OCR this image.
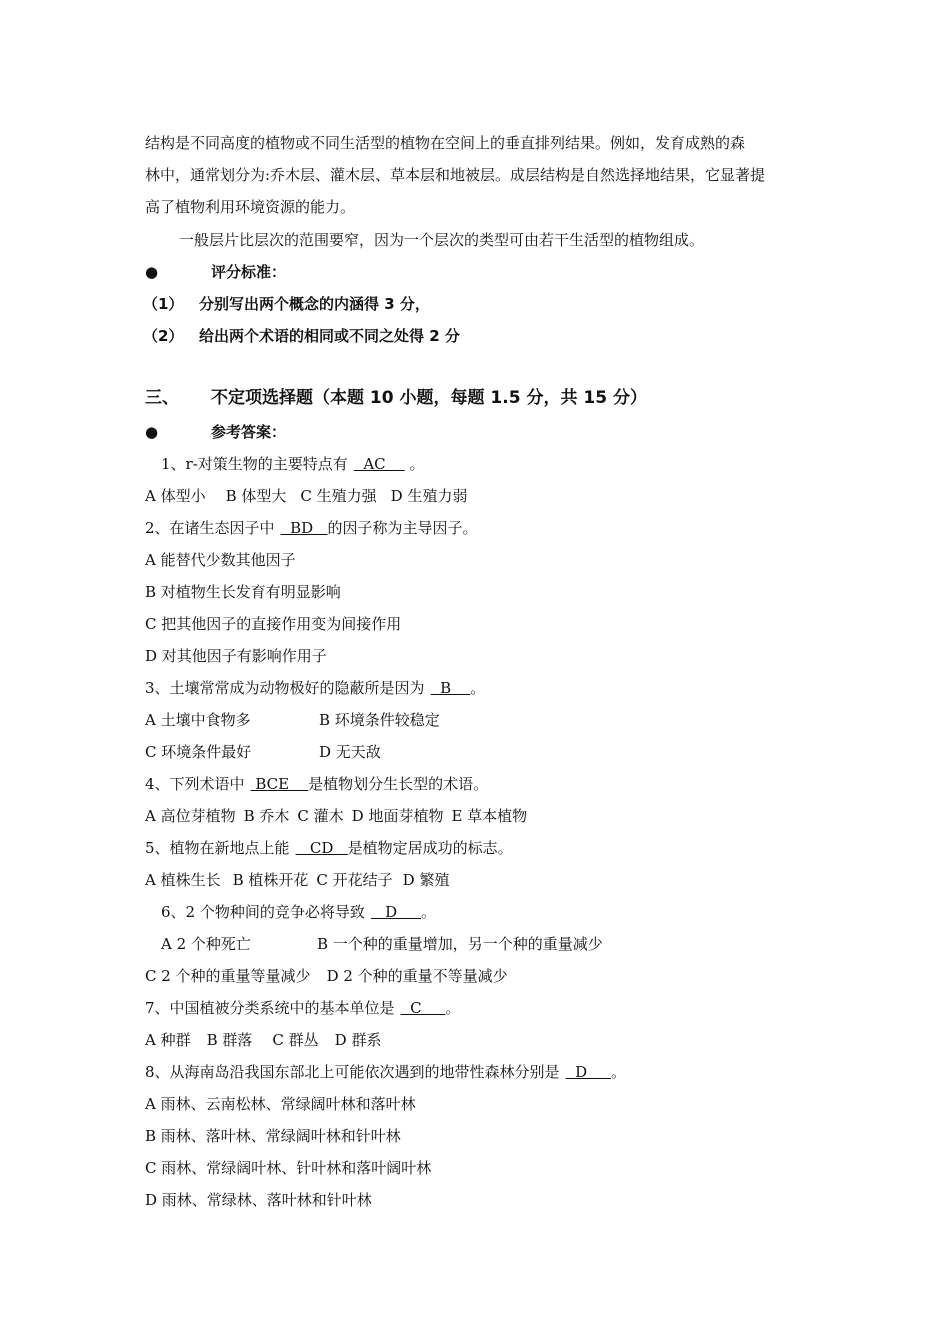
结构是不同高度的植物或不同生活型的植物在空间上的垂直排列结果。例如，发育成熟的森
林中，通常划分为:乔木层、灌木层、草本层和地被层。成层结构是自然选择地结果，它显著提
高了植物利用环境资源的能力。
一般层片比层次的范围要窄，因为一个层次的类型可由若干生活型的植物组成。
●	评分标准：
（1） 分别写出两个概念的内涵得 3 分，
（2） 给出两个术语的相同或不同之处得 2 分
三、 不定项选择题（本题 10 小题，每题 1.5 分，共 15 分）
●	参考答案：
1、r-对策生物的主要特点有  AC     。
A 体型小 B 体型大 C 生殖力强 D 生殖力弱
2、在诸生态因子中  BD   的因子称为主导因子。
A 能替代少数其他因子
B 对植物生长发育有明显影响
C 把其他因子的直接作用变为间接作用
D 对其他因子有影响作用子
3、土壤常常成为动物极好的隐蔽所是因为  B    。
A 土壤中食物多	B 环境条件较稳定
C 环境条件最好	D 无天敌
4、下列术语中 BCE    是植物划分生长型的术语。
A 高位芽植物 B 乔木 C 灌木 D 地面芽植物 E 草本植物
5、植物在新地点上能   CD   是植物定居成功的标志。
A 植株生长 B 植株开花 C 开花结子 D 繁殖
6、2 个物种间的竞争必将导致   D     。
A 2 个种死亡	B 一个种的重量增加，另一个种的重量减少
C 2 个种的重量等量减少 D 2 个种的重量不等量减少
7、中国植被分类系统中的基本单位是  C     。
A 种群 B 群落 C 群丛 D 群系
8、从海南岛沿我国东部北上可能依次遇到的地带性森林分别是  D     。
A 雨林、云南松林、常绿阔叶林和落叶林
B 雨林、落叶林、常绿阔叶林和针叶林
C 雨林、常绿阔叶林、针叶林和落叶阔叶林
D 雨林、常绿林、落叶林和针叶林
